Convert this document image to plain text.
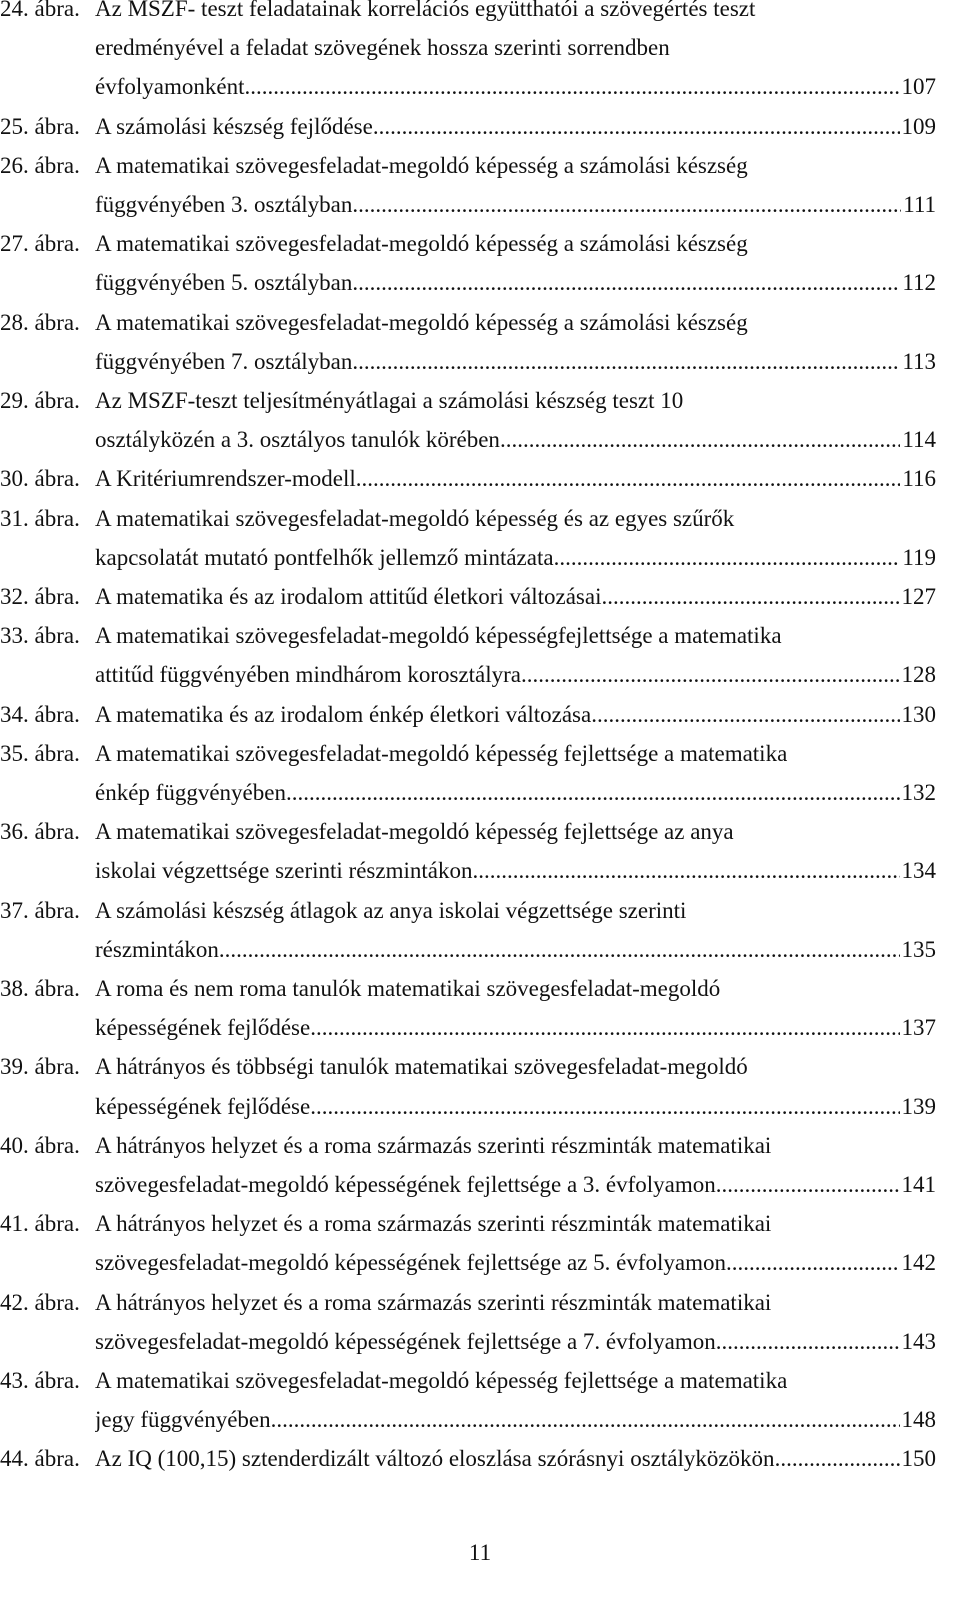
24. ábra. Az MSZF- teszt feladatainak korrelációs együtthatói a szövegértés teszt
eredményével a feladat szövegének hossza szerinti sorrendben
évfolyamonként .....	107
25. ábra. A számolási készség fejlődése .....	109
26. ábra. A matematikai szövegesfeladat-megoldó képesség a számolási készség
függvényében 3. osztályban .....	111
27. ábra. A matematikai szövegesfeladat-megoldó képesség a számolási készség
függvényében 5. osztályban .....	112
28. ábra. A matematikai szövegesfeladat-megoldó képesség a számolási készség
függvényében 7. osztályban .....	113
29. ábra. Az MSZF-teszt teljesítményátlagai a számolási készség teszt 10
osztályközén a 3. osztályos tanulók körében .....	114
30. ábra. A Kritériumrendszer-modell .....	116
31. ábra. A matematikai szövegesfeladat-megoldó képesség és az egyes szűrők
kapcsolatát mutató pontfelhők jellemző mintázata .....	119
32. ábra. A matematika és az irodalom attitűd életkori változásai .....	127
33. ábra. A matematikai szövegesfeladat-megoldó képességfejlettsége a matematika
attitűd függvényében mindhárom korosztályra .....	128
34. ábra. A matematika és az irodalom énkép életkori változása .....	130
35. ábra. A matematikai szövegesfeladat-megoldó képesség fejlettsége a matematika
énkép függvényében .....	132
36. ábra. A matematikai szövegesfeladat-megoldó képesség fejlettsége az anya
iskolai végzettsége szerinti részmintákon .....	134
37. ábra. A számolási készség átlagok az anya iskolai végzettsége szerinti
részmintákon .....	135
38. ábra. A roma és nem roma tanulók matematikai szövegesfeladat-megoldó
képességének fejlődése .....	137
39. ábra. A hátrányos és többségi tanulók matematikai szövegesfeladat-megoldó
képességének fejlődése .....	139
40. ábra. A hátrányos helyzet és a roma származás szerinti részminták matematikai
szövegesfeladat-megoldó képességének fejlettsége a 3. évfolyamon .....	141
41. ábra. A hátrányos helyzet és a roma származás szerinti részminták matematikai
szövegesfeladat-megoldó képességének fejlettsége az 5. évfolyamon .....	142
42. ábra. A hátrányos helyzet és a roma származás szerinti részminták matematikai
szövegesfeladat-megoldó képességének fejlettsége a 7. évfolyamon .....	143
43. ábra. A matematikai szövegesfeladat-megoldó képesség fejlettsége a matematika
jegy függvényében .....	148
44. ábra. Az IQ (100,15) sztenderdizált változó eloszlása szórásnyi osztályközökön .....	150
11
